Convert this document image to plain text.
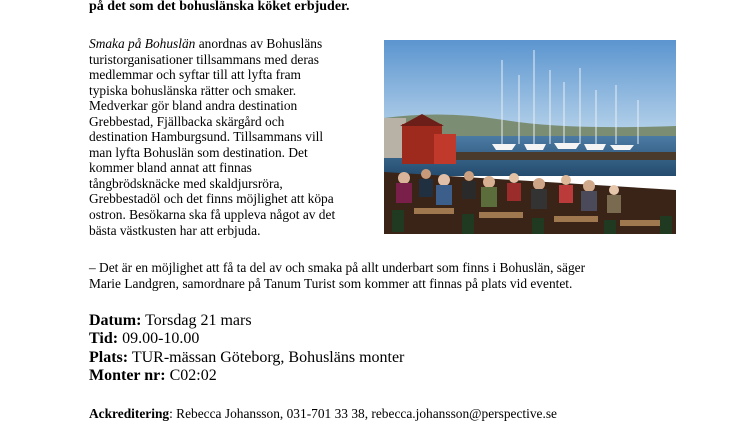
på det som det bohuslänska köket erbjuder.

Smaka på Bohuslän anordnas av Bohusläns
turistorganisationer tillsammans med deras
medlemmar och syftar till att lyfta fram
typiska bohuslänska rätter och smaker.
Medverkar gör bland andra destination
Grebbestad, Fjällbacka skärgård och
destination Hamburgsund. Tillsammans vill
man lyfta Bohuslän som destination. Det
kommer bland annat att finnas
tångbrödsknäcke med skaldjursröra,
Grebbestadöl och det finns möjlighet att köpa
ostron. Besökarna ska få uppleva något av det
bästa västkusten har att erbjuda.
– Det är en möjlighet att få ta del av och smaka på allt underbart som finns i Bohuslän, säger
Marie Landgren, samordnare på Tanum Turist som kommer att finnas på plats vid eventet.
Datum: Torsdag 21 mars
Tid: 09.00-10.00
Plats: TUR-mässan Göteborg, Bohusläns monter
Monter nr: C02:02
Ackreditering: Rebecca Johansson, 031-701 33 38, rebecca.johansson@perspective.se
